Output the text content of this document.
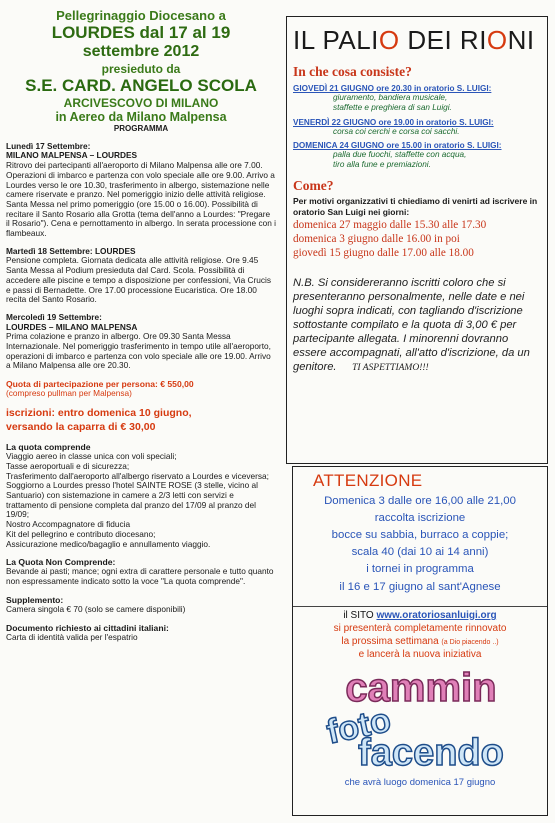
Pellegrinaggio Diocesano a
LOURDES dal 17 al 19
settembre 2012
presieduto da
S.E. CARD. ANGELO SCOLA
ARCIVESCOVO DI MILANO
in Aereo da Milano Malpensa
PROGRAMMA
Lunedì 17 Settembre:
MILANO MALPENSA – LOURDES
Ritrovo dei partecipanti all'aeroporto di Milano Malpensa alle ore 7.00. Operazioni di imbarco e partenza con volo speciale alle ore 9.00. Arrivo a Lourdes verso le ore 10.30, trasferimento in albergo, sistemazione nelle camere riservate e pranzo. Nel pomeriggio inizio delle attività religiose. Santa Messa nel primo pomeriggio (ore 15.00 o 16.00). Possibilità di recitare il Santo Rosario alla Grotta (tema dell'anno a Lourdes: "Pregare il Rosario"). Cena e pernottamento in albergo. In serata processione con i flambeaux.
Martedì 18 Settembre: LOURDES
Pensione completa. Giornata dedicata alle attività religiose. Ore 9.45 Santa Messa al Podium presieduta dal Card. Scola. Possibilità di accedere alle piscine e tempo a disposizione per confessioni, Via Crucis e passi di Bernadette. Ore 17.00 processione Eucaristica. Ore 18.00 recita del Santo Rosario.
Mercoledì 19 Settembre:
LOURDES – MILANO MALPENSA
Prima colazione e pranzo in albergo. Ore 09.30 Santa Messa Internazionale. Nel pomeriggio trasferimento in tempo utile all'aeroporto, operazioni di imbarco e partenza con volo speciale alle ore 19.00. Arrivo a Milano Malpensa alle ore 20.30.
Quota di partecipazione per persona: € 550,00
(compreso pullman per Malpensa)
iscrizioni: entro domenica 10 giugno,
versando la caparra di € 30,00
La quota comprende
Viaggio aereo in classe unica con voli speciali;
Tasse aeroportuali e di sicurezza;
Trasferimento dall'aeroporto all'albergo riservato a Lourdes e viceversa;
Soggiorno a Lourdes presso l'hotel SAINTE ROSE (3 stelle, vicino al Santuario) con sistemazione in camere a 2/3 letti con servizi e trattamento di pensione completa dal pranzo del 17/09 al pranzo del 19/09;
Nostro Accompagnatore di fiducia
Kit del pellegrino e contributo diocesano;
Assicurazione medico/bagaglio e annullamento viaggio.
La Quota Non Comprende:
Bevande ai pasti; mance; ogni extra di carattere personale e tutto quanto non espressamente indicato sotto la voce "La quota comprende".
Supplemento:
Camera singola € 70 (solo se camere disponibili)
Documento richiesto ai cittadini italiani:
Carta di identità valida per l'espatrio
IL PALIO DEI RIONI
In che cosa consiste?
GIOVEDÌ 21 GIUGNO ore 20.30 in oratorio S. LUIGI:
giuramento, bandiera musicale,
staffette e preghiera di san Luigi.
VENERDÌ 22 GIUGNO ore 19.00 in oratorio S. LUIGI:
corsa coi cerchi e corsa coi sacchi.
DOMENICA 24 GIUGNO ore 15.00 in oratorio S. LUIGI:
palla due fuochi, staffette con acqua,
tiro alla fune e premiazioni.
Come?
Per motivi organizzativi ti chiediamo di venirti ad iscrivere in oratorio San Luigi nei giorni:
domenica 27 maggio dalle 15.30 alle 17.30
domenica 3 giugno dalle 16.00 in poi
giovedì 15 giugno dalle 17.00 alle 18.00
N.B. Si considereranno iscritti coloro che si presenteranno personalmente, nelle date e nei luoghi sopra indicati, con tagliando d'iscrizione sottostante compilato e la quota di 3,00 € per partecipante allegata. I minorenni dovranno essere accompagnati, all'atto d'iscrizione, da un genitore. TI ASPETTIAMO!!!
ATTENZIONE
Domenica 3 dalle ore 16,00 alle 21,00
raccolta iscrizione
bocce su sabbia, burraco a coppie;
scala 40 (dai 10 ai 14 anni)
i tornei in programma
il 16 e 17 giugno al sant'Agnese
il SITO www.oratoriosanluigi.org
si presenterà completamente rinnovato
la prossima settimana (a Dio piacendo ..)
e lancerà la nuova iniziativa
cammin
foto
facendo
che avrà luogo domenica 17 giugno
